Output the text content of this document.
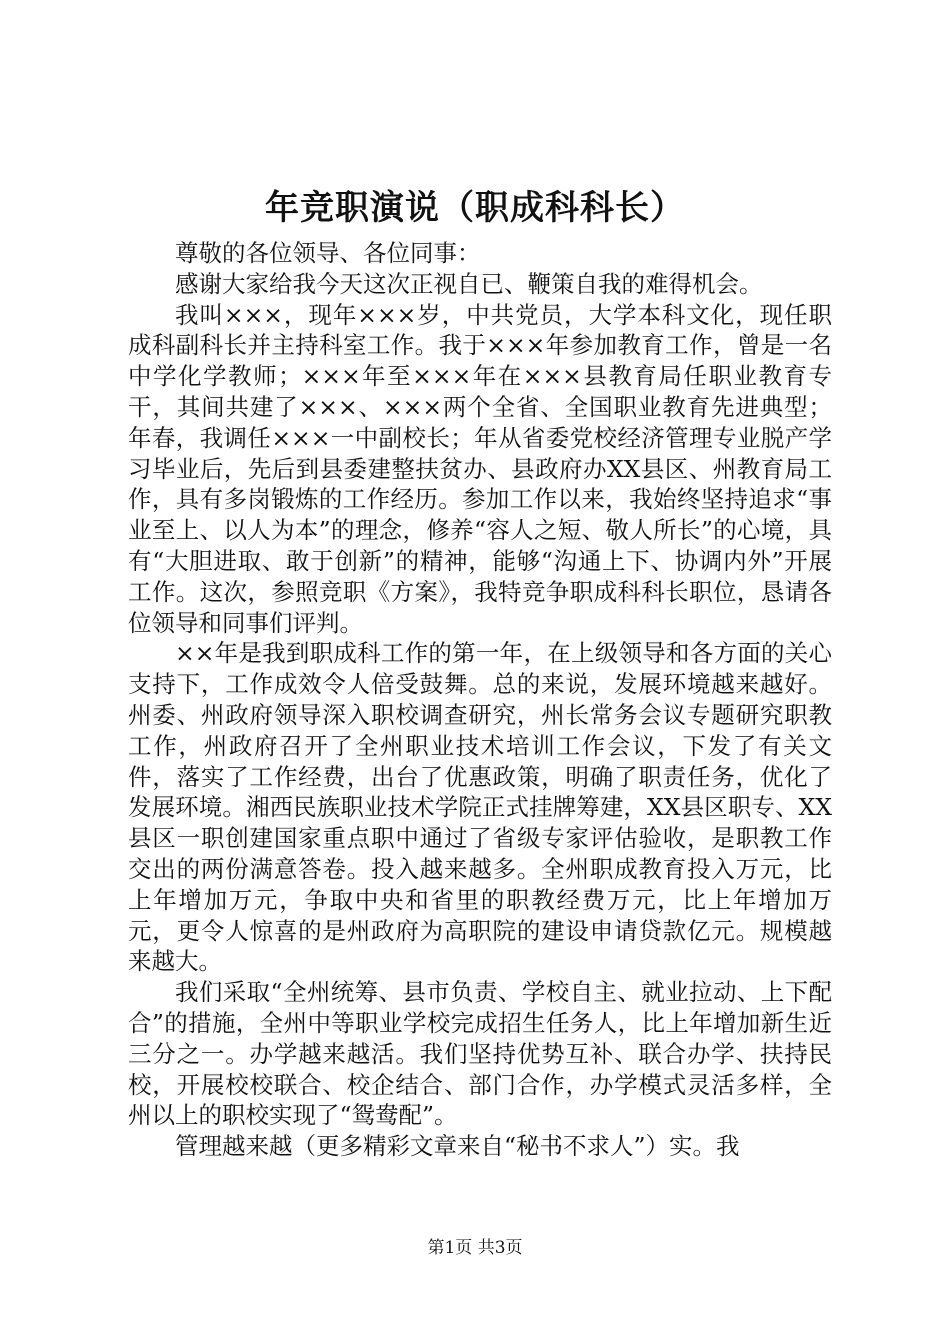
年竞职演说（职成科科长）

尊敬的各位领导、各位同事：

感谢大家给我今天这次正视自已、鞭策自我的难得机会。

我叫×××，现年×××岁，中共党员，大学本科文化，现任职成科副科长并主持科室工作。我于×××年参加教育工作，曾是一名中学化学教师；×××年至×××年在×××县教育局任职业教育专干，其间共建了×××、×××两个全省、全国职业教育先进典型；年春，我调任×××一中副校长；年从省委党校经济管理专业脱产学习毕业后，先后到县委建整扶贫办、县政府办XX县区、州教育局工作，具有多岗锻炼的工作经历。参加工作以来，我始终坚持追求“事业至上、以人为本”的理念，修养“容人之短、敬人所长”的心境，具有“大胆进取、敢于创新”的精神，能够“沟通上下、协调内外”开展工作。这次，参照竞职《方案》，我特竞争职成科科长职位，恳请各位领导和同事们评判。

××年是我到职成科工作的第一年，在上级领导和各方面的关心支持下，工作成效令人倍受鼓舞。总的来说，发展环境越来越好。州委、州政府领导深入职校调查研究，州长常务会议专题研究职教工作，州政府召开了全州职业技术培训工作会议，下发了有关文件，落实了工作经费，出台了优惠政策，明确了职责任务，优化了发展环境。湘西民族职业技术学院正式挂牌筹建，XX县区职专、XX县区一职创建国家重点职中通过了省级专家评估验收，是职教工作交出的两份满意答卷。投入越来越多。全州职成教育投入万元，比上年增加万元，争取中央和省里的职教经费万元，比上年增加万元，更令人惊喜的是州政府为高职院的建设申请贷款亿元。规模越来越大。

我们采取“全州统筹、县市负责、学校自主、就业拉动、上下配合”的措施，全州中等职业学校完成招生任务人，比上年增加新生近三分之一。办学越来越活。我们坚持优势互补、联合办学、扶持民校，开展校校联合、校企结合、部门合作，办学模式灵活多样，全州以上的职校实现了“鸳鸯配”。

管理越来越（更多精彩文章来自“秘书不求人”）实。我

第1页 共3页
